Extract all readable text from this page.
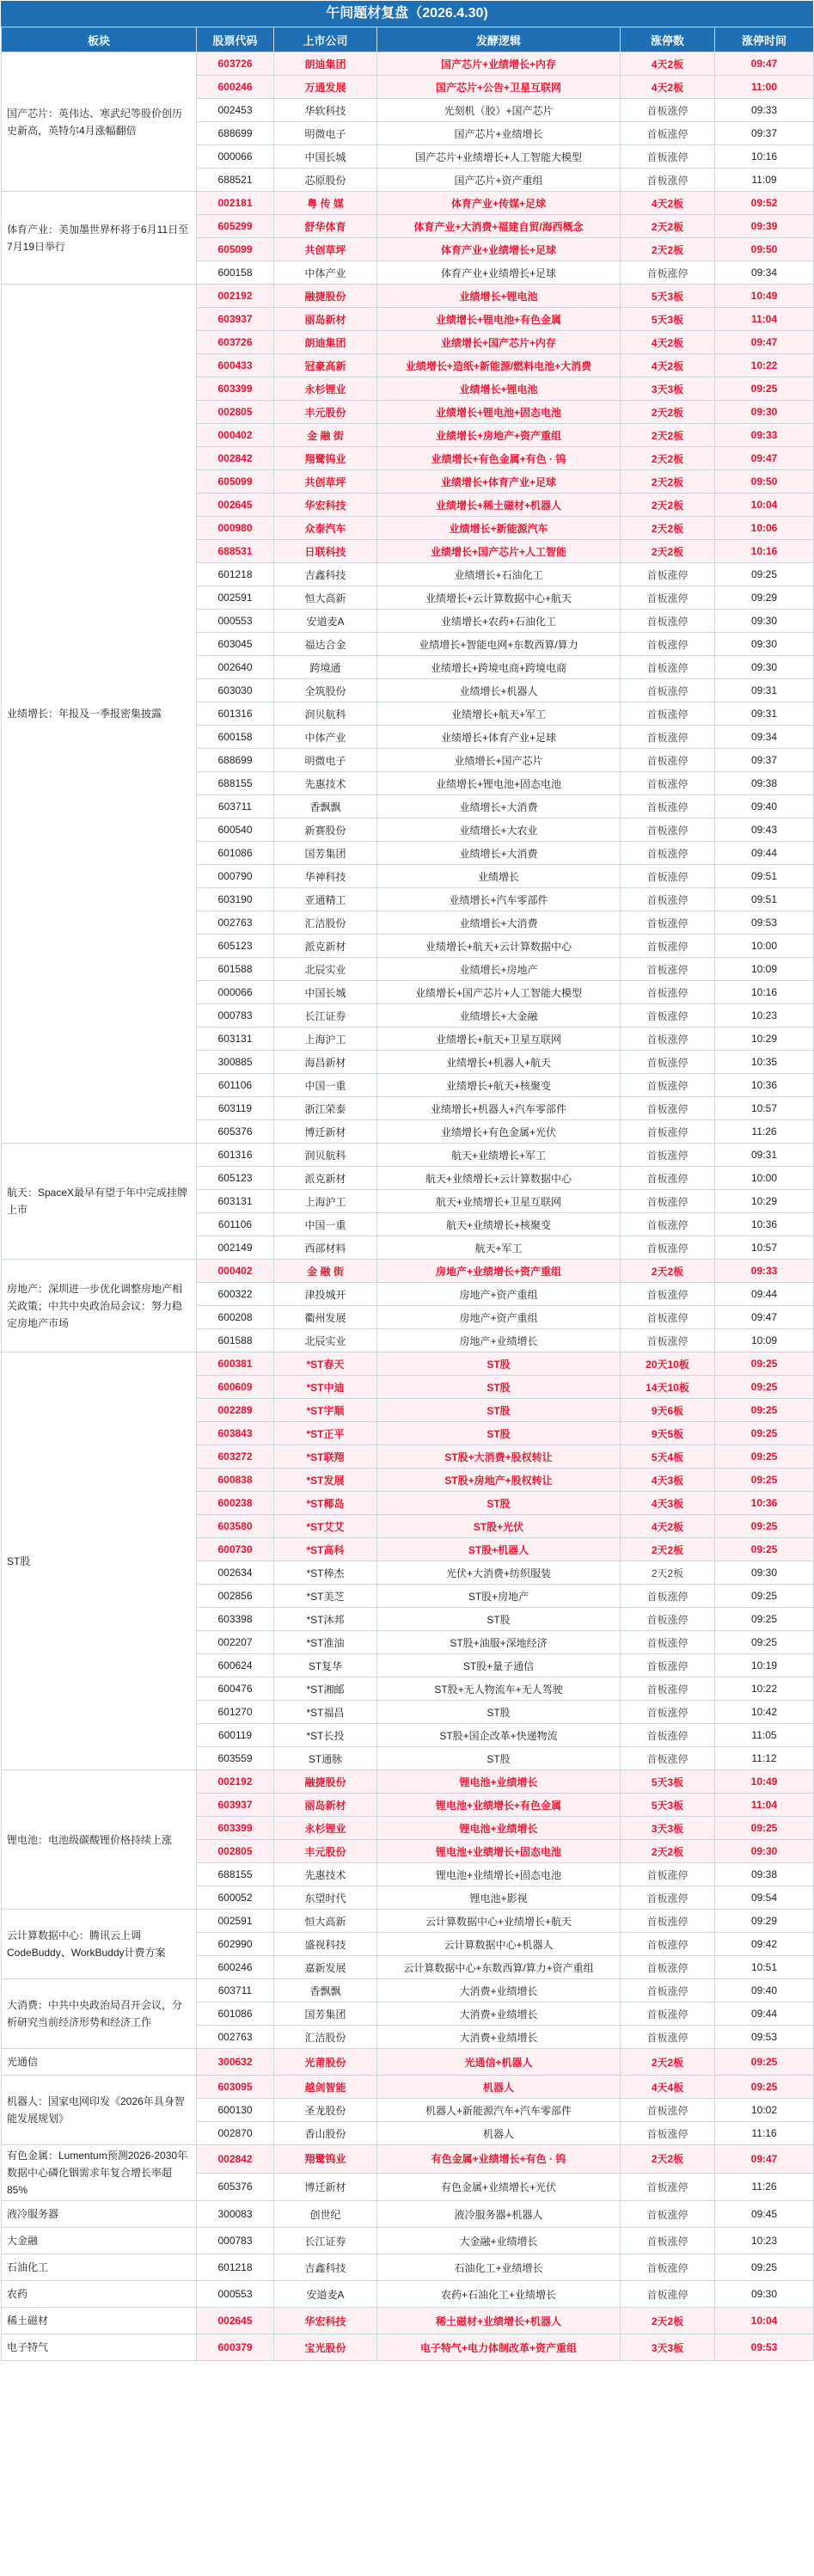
午间题材复盘（2026.4.30)
板块	股票代码	上市公司	发酵逻辑	涨停数	涨停时间
国产芯片：英伟达、寒武纪等股价创历史新高，英特尔4月涨幅翻倍	603726	朗迪集团	国产芯片+业绩增长+内存	4天2板	09:47
	600246	万通发展	国产芯片+公告+卫星互联网	4天2板	11:00
	002453	华软科技	光刻机（胶）+国产芯片	首板涨停	09:33
	688699	明微电子	国产芯片+业绩增长	首板涨停	09:37
	000066	中国长城	国产芯片+业绩增长+人工智能大模型	首板涨停	10:16
	688521	芯原股份	国产芯片+资产重组	首板涨停	11:09
体育产业：美加墨世界杯将于6月11日至7月19日举行	002181	粤 传 媒	体育产业+传媒+足球	4天2板	09:52
	605299	舒华体育	体育产业+大消费+福建自贸/海西概念	2天2板	09:39
	605099	共创草坪	体育产业+业绩增长+足球	2天2板	09:50
	600158	中体产业	体育产业+业绩增长+足球	首板涨停	09:34
业绩增长：年报及一季报密集披露	002192	融捷股份	业绩增长+锂电池	5天3板	10:49
	603937	丽岛新材	业绩增长+锂电池+有色金属	5天3板	11:04
	603726	朗迪集团	业绩增长+国产芯片+内存	4天2板	09:47
	600433	冠豪高新	业绩增长+造纸+新能源/燃料电池+大消费	4天2板	10:22
	603399	永杉锂业	业绩增长+锂电池	3天3板	09:25
	002805	丰元股份	业绩增长+锂电池+固态电池	2天2板	09:30
	000402	金 融 街	业绩增长+房地产+资产重组	2天2板	09:33
	002842	翔鹭钨业	业绩增长+有色金属+有色 · 钨	2天2板	09:47
	605099	共创草坪	业绩增长+体育产业+足球	2天2板	09:50
	002645	华宏科技	业绩增长+稀土磁材+机器人	2天2板	10:04
	000980	众泰汽车	业绩增长+新能源汽车	2天2板	10:06
	688531	日联科技	业绩增长+国产芯片+人工智能	2天2板	10:16
	601218	吉鑫科技	业绩增长+石油化工	首板涨停	09:25
	002591	恒大高新	业绩增长+云计算数据中心+航天	首板涨停	09:29
	000553	安道麦A	业绩增长+农药+石油化工	首板涨停	09:30
	603045	福达合金	业绩增长+智能电网+东数西算/算力	首板涨停	09:30
	002640	跨境通	业绩增长+跨境电商+跨境电商	首板涨停	09:30
	603030	全筑股份	业绩增长+机器人	首板涨停	09:31
	601316	润贝航科	业绩增长+航天+军工	首板涨停	09:31
	600158	中体产业	业绩增长+体育产业+足球	首板涨停	09:34
	688699	明微电子	业绩增长+国产芯片	首板涨停	09:37
	688155	先惠技术	业绩增长+锂电池+固态电池	首板涨停	09:38
	603711	香飘飘	业绩增长+大消费	首板涨停	09:40
	600540	新赛股份	业绩增长+大农业	首板涨停	09:43
	601086	国芳集团	业绩增长+大消费	首板涨停	09:44
	000790	华神科技	业绩增长	首板涨停	09:51
	603190	亚通精工	业绩增长+汽车零部件	首板涨停	09:51
	002763	汇洁股份	业绩增长+大消费	首板涨停	09:53
	605123	派克新材	业绩增长+航天+云计算数据中心	首板涨停	10:00
	601588	北辰实业	业绩增长+房地产	首板涨停	10:09
	000066	中国长城	业绩增长+国产芯片+人工智能大模型	首板涨停	10:16
	000783	长江证券	业绩增长+大金融	首板涨停	10:23
	603131	上海沪工	业绩增长+航天+卫星互联网	首板涨停	10:29
	300885	海昌新材	业绩增长+机器人+航天	首板涨停	10:35
	601106	中国一重	业绩增长+航天+核聚变	首板涨停	10:36
	603119	浙江荣泰	业绩增长+机器人+汽车零部件	首板涨停	10:57
	605376	博迁新材	业绩增长+有色金属+光伏	首板涨停	11:26
航天：SpaceX最早有望于年中完成挂牌上市	601316	润贝航科	航天+业绩增长+军工	首板涨停	09:31
	605123	派克新材	航天+业绩增长+云计算数据中心	首板涨停	10:00
	603131	上海沪工	航天+业绩增长+卫星互联网	首板涨停	10:29
	601106	中国一重	航天+业绩增长+核聚变	首板涨停	10:36
	002149	西部材料	航天+军工	首板涨停	10:57
房地产：深圳进一步优化调整房地产相关政策；中共中央政治局会议：努力稳定房地产市场	000402	金 融 街	房地产+业绩增长+资产重组	2天2板	09:33
	600322	津投城开	房地产+资产重组	首板涨停	09:44
	600208	衢州发展	房地产+资产重组	首板涨停	09:47
	601588	北辰实业	房地产+业绩增长	首板涨停	10:09
ST股	600381	*ST春天	ST股	20天10板	09:25
	600609	*ST中迪	ST股	14天10板	09:25
	002289	*ST宇顺	ST股	9天6板	09:25
	603843	*ST正平	ST股	9天5板	09:25
	603272	*ST联翔	ST股+大消费+股权转让	5天4板	09:25
	600838	*ST发展	ST股+房地产+股权转让	4天3板	09:25
	600238	*ST椰岛	ST股	4天3板	10:36
	603580	*ST艾艾	ST股+光伏	4天2板	09:25
	600730	*ST高科	ST股+机器人	2天2板	09:25
	002634	*ST棒杰	光伏+大消费+纺织服装	2天2板	09:30
	002856	*ST美芝	ST股+房地产	首板涨停	09:25
	603398	*ST沐邦	ST股	首板涨停	09:25
	002207	*ST准油	ST股+油服+深地经济	首板涨停	09:25
	600624	ST复华	ST股+量子通信	首板涨停	10:19
	600476	*ST湘邮	ST股+无人物流车+无人驾驶	首板涨停	10:22
	601270	*ST福昌	ST股	首板涨停	10:42
	600119	*ST长投	ST股+国企改革+快递物流	首板涨停	11:05
	603559	ST通脉	ST股	首板涨停	11:12
锂电池：电池级碳酸锂价格持续上涨	002192	融捷股份	锂电池+业绩增长	5天3板	10:49
	603937	丽岛新材	锂电池+业绩增长+有色金属	5天3板	11:04
	603399	永杉锂业	锂电池+业绩增长	3天3板	09:25
	002805	丰元股份	锂电池+业绩增长+固态电池	2天2板	09:30
	688155	先惠技术	锂电池+业绩增长+固态电池	首板涨停	09:38
	600052	东望时代	锂电池+影视	首板涨停	09:54
云计算数据中心：腾讯云上调CodeBuddy、WorkBuddy计费方案	002591	恒大高新	云计算数据中心+业绩增长+航天	首板涨停	09:29
	602990	盛视科技	云计算数据中心+机器人	首板涨停	09:42
	600246	嘉新发展	云计算数据中心+东数西算/算力+资产重组	首板涨停	10:51
大消费：中共中央政治局召开会议，分析研究当前经济形势和经济工作	603711	香飘飘	大消费+业绩增长	首板涨停	09:40
	601086	国芳集团	大消费+业绩增长	首板涨停	09:44
	002763	汇洁股份	大消费+业绩增长	首板涨停	09:53
光通信	300632	光莆股份	光通信+机器人	2天2板	09:25
机器人：国家电网印发《2026年具身智能发展规划》	603095	越剑智能	机器人	4天4板	09:25
	600130	圣龙股份	机器人+新能源汽车+汽车零部件	首板涨停	10:02
	002870	香山股份	机器人	首板涨停	11:16
有色金属：Lumentum预测2026-2030年数据中心磷化铟需求年复合增长率超85%	002842	翔鹭钨业	有色金属+业绩增长+有色 · 钨	2天2板	09:47
	605376	博迁新材	有色金属+业绩增长+光伏	首板涨停	11:26
液冷服务器	300083	创世纪	液冷服务器+机器人	首板涨停	09:45
大金融	000783	长江证券	大金融+业绩增长	首板涨停	10:23
石油化工	601218	吉鑫科技	石油化工+业绩增长	首板涨停	09:25
农药	000553	安道麦A	农药+石油化工+业绩增长	首板涨停	09:30
稀土磁材	002645	华宏科技	稀土磁材+业绩增长+机器人	2天2板	10:04
电子特气	600379	宝光股份	电子特气+电力体制改革+资产重组	3天3板	09:53
